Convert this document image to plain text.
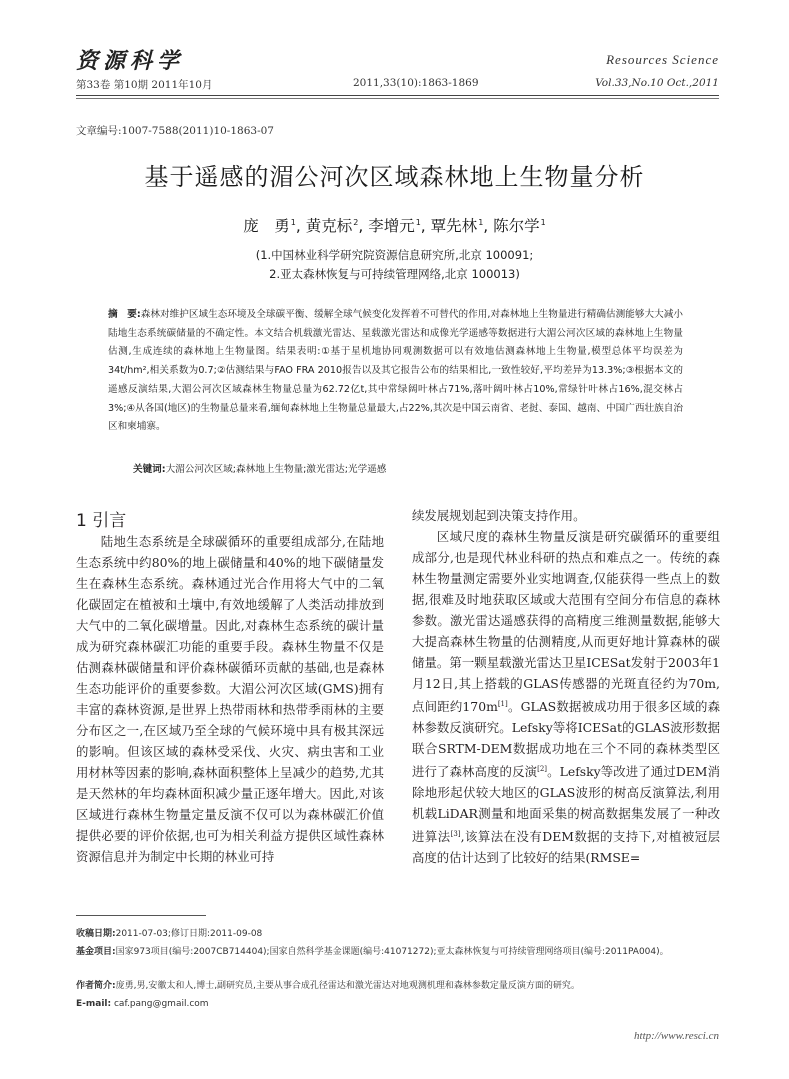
资源科学	Resources Science
第33卷 第10期 2011年10月	2011,33(10):1863-1869	Vol.33,No.10 Oct.,2011
文章编号:1007-7588(2011)10-1863-07
基于遥感的湄公河次区域森林地上生物量分析
庞　勇$^1$, 黄克标$^2$, 李增元$^1$, 覃先林$^1$, 陈尔学$^1$
(1.中国林业科学研究院资源信息研究所,北京 100091;
2.亚太森林恢复与可持续管理网络,北京 100013)
摘　要:森林对维护区域生态环境及全球碳平衡、缓解全球气候变化发挥着不可替代的作用,对森林地上生物量进行精确估测能够大大减小陆地生态系统碳储量的不确定性。本文结合机载激光雷达、星载激光雷达和成像光学遥感等数据进行大湄公河次区域的森林地上生物量估测,生成连续的森林地上生物量图。结果表明:①基于星机地协同观测数据可以有效地估测森林地上生物量,模型总体平均误差为34t/hm²,相关系数为0.7;②估测结果与FAO FRA 2010报告以及其它报告公布的结果相比,一致性较好,平均差异为13.3%;③根据本文的遥感反演结果,大湄公河次区域森林生物量总量为62.72亿t,其中常绿阔叶林占71%,落叶阔叶林占10%,常绿针叶林占16%,混交林占3%;④从各国(地区)的生物量总量来看,缅甸森林地上生物量总量最大,占22%,其次是中国云南省、老挝、泰国、越南、中国广西壮族自治区和柬埔寨。
关键词:大湄公河次区域;森林地上生物量;激光雷达;光学遥感
1 引言

陆地生态系统是全球碳循环的重要组成部分,在陆地生态系统中约80%的地上碳储量和40%的地下碳储量发生在森林生态系统。森林通过光合作用将大气中的二氧化碳固定在植被和土壤中,有效地缓解了人类活动排放到大气中的二氧化碳增量。因此,对森林生态系统的碳计量成为研究森林碳汇功能的重要手段。森林生物量不仅是估测森林碳储量和评价森林碳循环贡献的基础,也是森林生态功能评价的重要参数。大湄公河次区域(GMS)拥有丰富的森林资源,是世界上热带雨林和热带季雨林的主要分布区之一,在区域乃至全球的气候环境中具有极其深远的影响。但该区域的森林受采伐、火灾、病虫害和工业用材林等因素的影响,森林面积整体上呈减少的趋势,尤其是天然林的年均森林面积减少量正逐年增大。因此,对该区域进行森林生物量定量反演不仅可以为森林碳汇价值提供必要的评价依据,也可为相关利益方提供区域性森林资源信息并为制定中长期的林业可持

续发展规划起到决策支持作用。

区域尺度的森林生物量反演是研究碳循环的重要组成部分,也是现代林业科研的热点和难点之一。传统的森林生物量测定需要外业实地调查,仅能获得一些点上的数据,很难及时地获取区域或大范围有空间分布信息的森林参数。激光雷达遥感获得的高精度三维测量数据,能够大大提高森林生物量的估测精度,从而更好地计算森林的碳储量。第一颗星载激光雷达卫星ICESat发射于2003年1月12日,其上搭载的GLAS传感器的光斑直径约为70m,点间距约170m[1]。GLAS数据被成功用于很多区域的森林参数反演研究。Lefsky等将ICESat的GLAS波形数据联合SRTM-DEM数据成功地在三个不同的森林类型区进行了森林高度的反演[2]。Lefsky等改进了通过DEM消除地形起伏较大地区的GLAS波形的树高反演算法,利用机载LiDAR测量和地面采集的树高数据集发展了一种改进算法[3],该算法在没有DEM数据的支持下,对植被冠层高度的估计达到了比较好的结果(RMSE=

收稿日期:2011-07-03;修订日期:2011-09-08
基金项目:国家973项目(编号:2007CB714404);国家自然科学基金课题(编号:41071272);亚太森林恢复与可持续管理网络项目(编号:2011PA004)。
作者简介:庞勇,男,安徽太和人,博士,副研究员,主要从事合成孔径雷达和激光雷达对地观测机理和森林参数定量反演方面的研究。
E-mail: caf.pang@gmail.com
http://www.resci.cn
